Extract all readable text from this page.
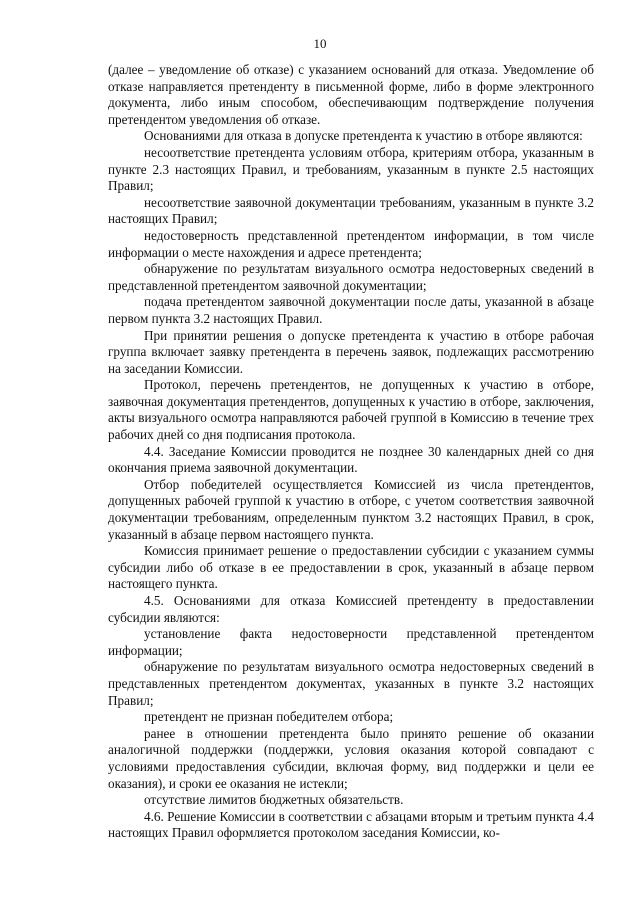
10

(далее – уведомление об отказе) с указанием оснований для отказа. Уведомление об отказе направляется претенденту в письменной форме, либо в форме электронного документа, либо иным способом, обеспечивающим подтверждение получения претендентом уведомления об отказе.

Основаниями для отказа в допуске претендента к участию в отборе являются:

несоответствие претендента условиям отбора, критериям отбора, указанным в пункте 2.3 настоящих Правил, и требованиям, указанным в пункте 2.5 настоящих Правил;

несоответствие заявочной документации требованиям, указанным в пункте 3.2 настоящих Правил;

недостоверность представленной претендентом информации, в том числе информации о месте нахождения и адресе претендента;

обнаружение по результатам визуального осмотра недостоверных сведений в представленной претендентом заявочной документации;

подача претендентом заявочной документации после даты, указанной в абзаце первом пункта 3.2 настоящих Правил.

При принятии решения о допуске претендента к участию в отборе рабочая группа включает заявку претендента в перечень заявок, подлежащих рассмотрению на заседании Комиссии.

Протокол, перечень претендентов, не допущенных к участию в отборе, заявочная документация претендентов, допущенных к участию в отборе, заключения, акты визуального осмотра направляются рабочей группой в Комиссию в течение трех рабочих дней со дня подписания протокола.

4.4. Заседание Комиссии проводится не позднее 30 календарных дней со дня окончания приема заявочной документации.

Отбор победителей осуществляется Комиссией из числа претендентов, допущенных рабочей группой к участию в отборе, с учетом соответствия заявочной документации требованиям, определенным пунктом 3.2 настоящих Правил, в срок, указанный в абзаце первом настоящего пункта.

Комиссия принимает решение о предоставлении субсидии с указанием суммы субсидии либо об отказе в ее предоставлении в срок, указанный в абзаце первом настоящего пункта.

4.5. Основаниями для отказа Комиссией претенденту в предоставлении субсидии являются:

установление факта недостоверности представленной претендентом информации;

обнаружение по результатам визуального осмотра недостоверных сведений в представленных претендентом документах, указанных в пункте 3.2 настоящих Правил;

претендент не признан победителем отбора;

ранее в отношении претендента было принято решение об оказании аналогичной поддержки (поддержки, условия оказания которой совпадают с условиями предоставления субсидии, включая форму, вид поддержки и цели ее оказания), и сроки ее оказания не истекли;

отсутствие лимитов бюджетных обязательств.

4.6. Решение Комиссии в соответствии с абзацами вторым и третьим пункта 4.4 настоящих Правил оформляется протоколом заседания Комиссии, ко-
